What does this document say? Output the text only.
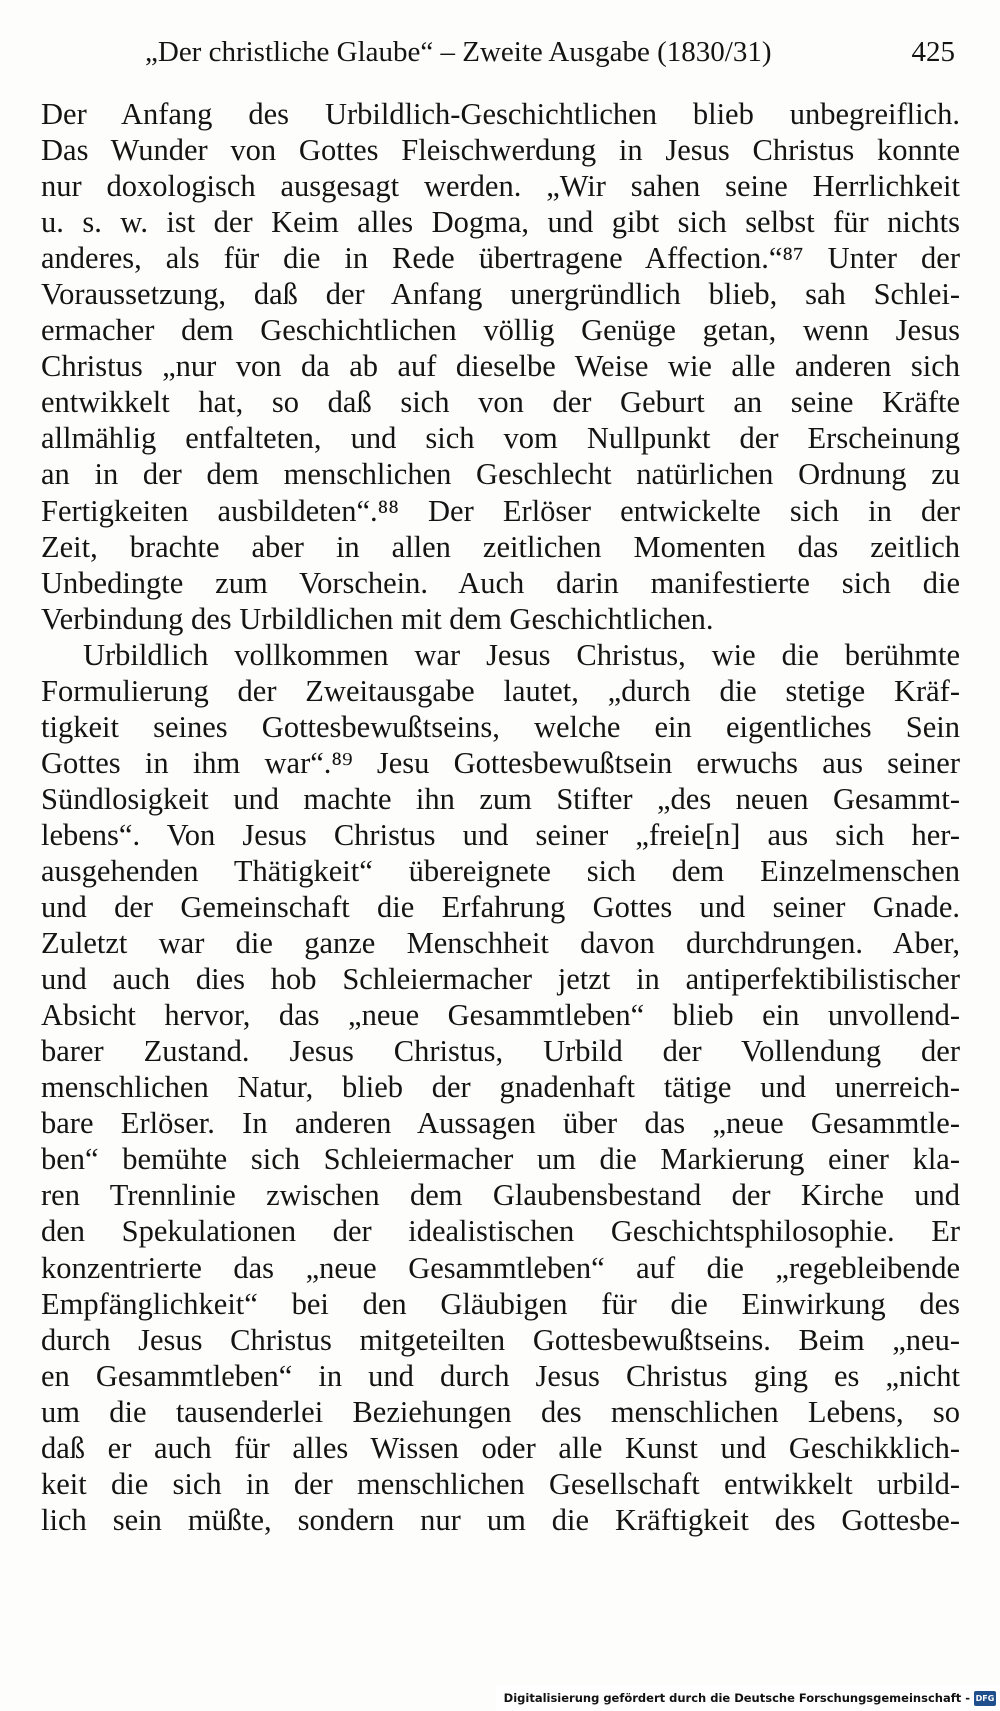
„Der christliche Glaube“ – Zweite Ausgabe (1830/31)	425
Der Anfang des Urbildlich-Geschichtlichen blieb unbegreiflich.
Das Wunder von Gottes Fleischwerdung in Jesus Christus konnte
nur doxologisch ausgesagt werden. „Wir sahen seine Herrlichkeit
u. s. w. ist der Keim alles Dogma, und gibt sich selbst für nichts
anderes, als für die in Rede übertragene Affection.“⁸⁷ Unter der
Voraussetzung, daß der Anfang unergründlich blieb, sah Schlei-
ermacher dem Geschichtlichen völlig Genüge getan, wenn Jesus
Christus „nur von da ab auf dieselbe Weise wie alle anderen sich
entwikkelt hat, so daß sich von der Geburt an seine Kräfte
allmählig entfalteten, und sich vom Nullpunkt der Erscheinung
an in der dem menschlichen Geschlecht natürlichen Ordnung zu
Fertigkeiten ausbildeten“.⁸⁸ Der Erlöser entwickelte sich in der
Zeit, brachte aber in allen zeitlichen Momenten das zeitlich
Unbedingte zum Vorschein. Auch darin manifestierte sich die
Verbindung des Urbildlichen mit dem Geschichtlichen.
Urbildlich vollkommen war Jesus Christus, wie die berühmte
Formulierung der Zweitausgabe lautet, „durch die stetige Kräf-
tigkeit seines Gottesbewußtseins, welche ein eigentliches Sein
Gottes in ihm war“.⁸⁹ Jesu Gottesbewußtsein erwuchs aus seiner
Sündlosigkeit und machte ihn zum Stifter „des neuen Gesammt-
lebens“. Von Jesus Christus und seiner „freie[n] aus sich her-
ausgehenden Thätigkeit“ übereignete sich dem Einzelmenschen
und der Gemeinschaft die Erfahrung Gottes und seiner Gnade.
Zuletzt war die ganze Menschheit davon durchdrungen. Aber,
und auch dies hob Schleiermacher jetzt in antiperfektibilistischer
Absicht hervor, das „neue Gesammtleben“ blieb ein unvollend-
barer Zustand. Jesus Christus, Urbild der Vollendung der
menschlichen Natur, blieb der gnadenhaft tätige und unerreich-
bare Erlöser. In anderen Aussagen über das „neue Gesammtle-
ben“ bemühte sich Schleiermacher um die Markierung einer kla-
ren Trennlinie zwischen dem Glaubensbestand der Kirche und
den Spekulationen der idealistischen Geschichtsphilosophie. Er
konzentrierte das „neue Gesammtleben“ auf die „regebleibende
Empfänglichkeit“ bei den Gläubigen für die Einwirkung des
durch Jesus Christus mitgeteilten Gottesbewußtseins. Beim „neu-
en Gesammtleben“ in und durch Jesus Christus ging es „nicht
um die tausenderlei Beziehungen des menschlichen Lebens, so
daß er auch für alles Wissen oder alle Kunst und Geschikklich-
keit die sich in der menschlichen Gesellschaft entwikkelt urbild-
lich sein müßte, sondern nur um die Kräftigkeit des Gottesbe-
Digitalisierung gefördert durch die Deutsche Forschungsgemeinschaft - DFG
